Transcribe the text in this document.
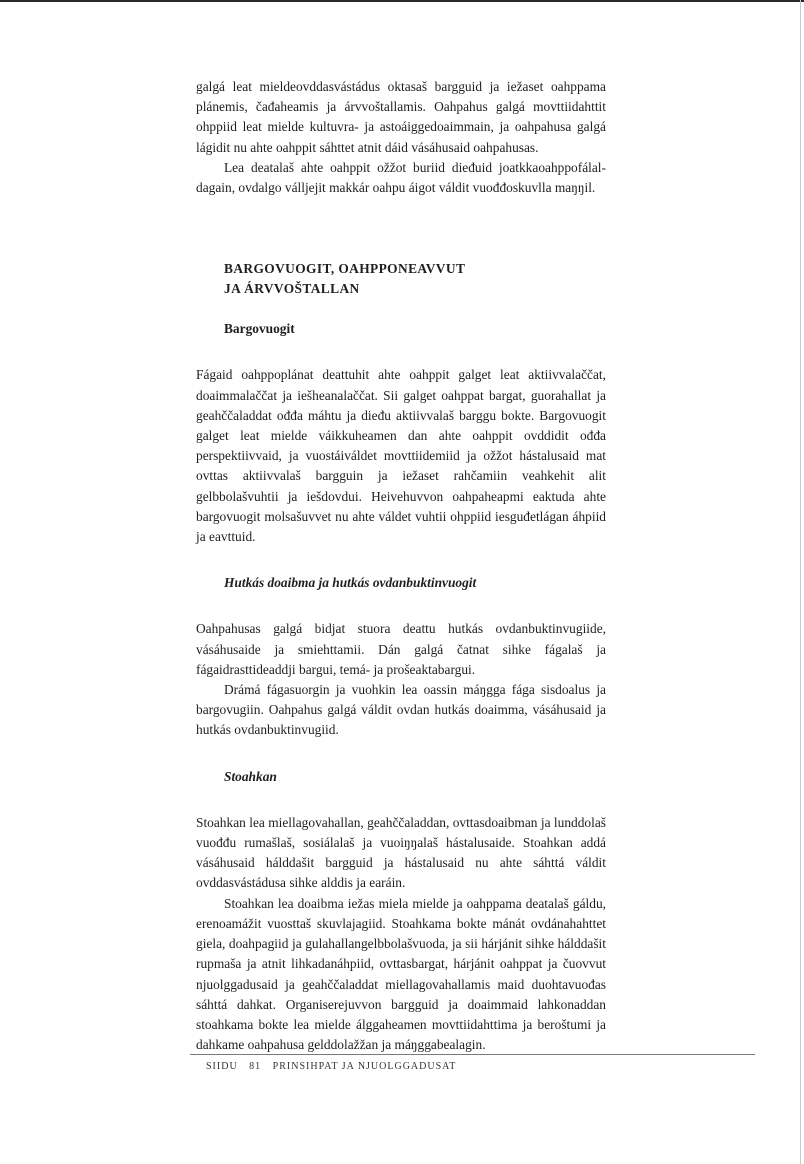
galgá leat mieldeovddasvástádus oktasaš bargguid ja iežaset oahppama plánemis, čađaheamis ja árvvoštallamis. Oahpahus galgá movttiidahttit ohppiid leat mielde kultuvra- ja astoáiggedoaimmain, ja oahpahusa galgá lágidit nu ahte oahppit sáhttet atnit dáid vásáhusaid oahpahusas.

Lea deatalaš ahte oahppit ožžot buriid dieđuid joatkkaoahppofálal-dagain, ovdalgo válljejit makkár oahpu áigot váldit vuođđoskuvlla maŋŋil.

BARGOVUOGIT, OAHPPONEAVVUT

JA ÁRVVOŠTALLAN

Bargovuogit

Fágaid oahppoplánat deattuhit ahte oahppit galget leat aktiivvalaččat, doaimmalaččat ja iešheanalaččat. Sii galget oahppat bargat, guorahallat ja geahččaladdat ođđa máhtu ja dieđu aktiivvalaš barggu bokte. Bargovuogit galget leat mielde váikkuheamen dan ahte oahppit ovddidit ođđa perspektiivvaid, ja vuostáiváldet movttiidemiid ja ožžot hástalusaid mat ovttas aktiivvalaš bargguin ja iežaset rahčamiin veahkehit alit gelbbolašvuhtii ja iešdovdui. Heivehuvvon oahpaheapmi eaktuda ahte bargovuogit molsašuvvet nu ahte váldet vuhtii ohppiid iesguđetlágan áhpiid ja eavttuid.

Hutkás doaibma ja hutkás ovdanbuktinvuogit

Oahpahusas galgá bidjat stuora deattu hutkás ovdanbuktinvugiide, vásáhusaide ja smiehttamii. Dán galgá čatnat sihke fágalaš ja fágaidrasttideaddji bargui, temá- ja prošeaktabargui.

Drámá fágasuorgin ja vuohkin lea oassin máŋgga fága sisdoalus ja bargovugiin. Oahpahus galgá váldit ovdan hutkás doaimma, vásáhusaid ja hutkás ovdanbuktinvugiid.

Stoahkan

Stoahkan lea miellagovahallan, geahččaladdan, ovttasdoaibman ja lunddolaš vuođđu rumašlaš, sosiálalaš ja vuoiŋŋalaš hástalusaide. Stoahkan addá vásáhusaid hálddašit bargguid ja hástalusaid nu ahte sáhttá váldit ovddasvástádusa sihke alddis ja earáin.

Stoahkan lea doaibma iežas miela mielde ja oahppama deatalaš gáldu, erenoamážit vuosttaš skuvlajagiid. Stoahkama bokte mánát ovdánahahttet giela, doahpagiid ja gulahallangelbbolašvuoda, ja sii hárjánit sihke hálddašit rupmaša ja atnit lihkadanáhpiid, ovttasbargat, hárjánit oahppat ja čuovvut njuolggadusaid ja geahččaladdat miellagovahallamis maid duohtavuođas sáhttá dahkat. Organiserejuvvon bargguid ja doaimmaid lahkonaddan stoahkama bokte lea mielde álggaheamen movttiidahttima ja beroštumi ja dahkame oahpahusa gelddolažžan ja máŋggabealagin.

SIIDU 81 PRINSIHPAT JA NJUOLGGADUSAT
